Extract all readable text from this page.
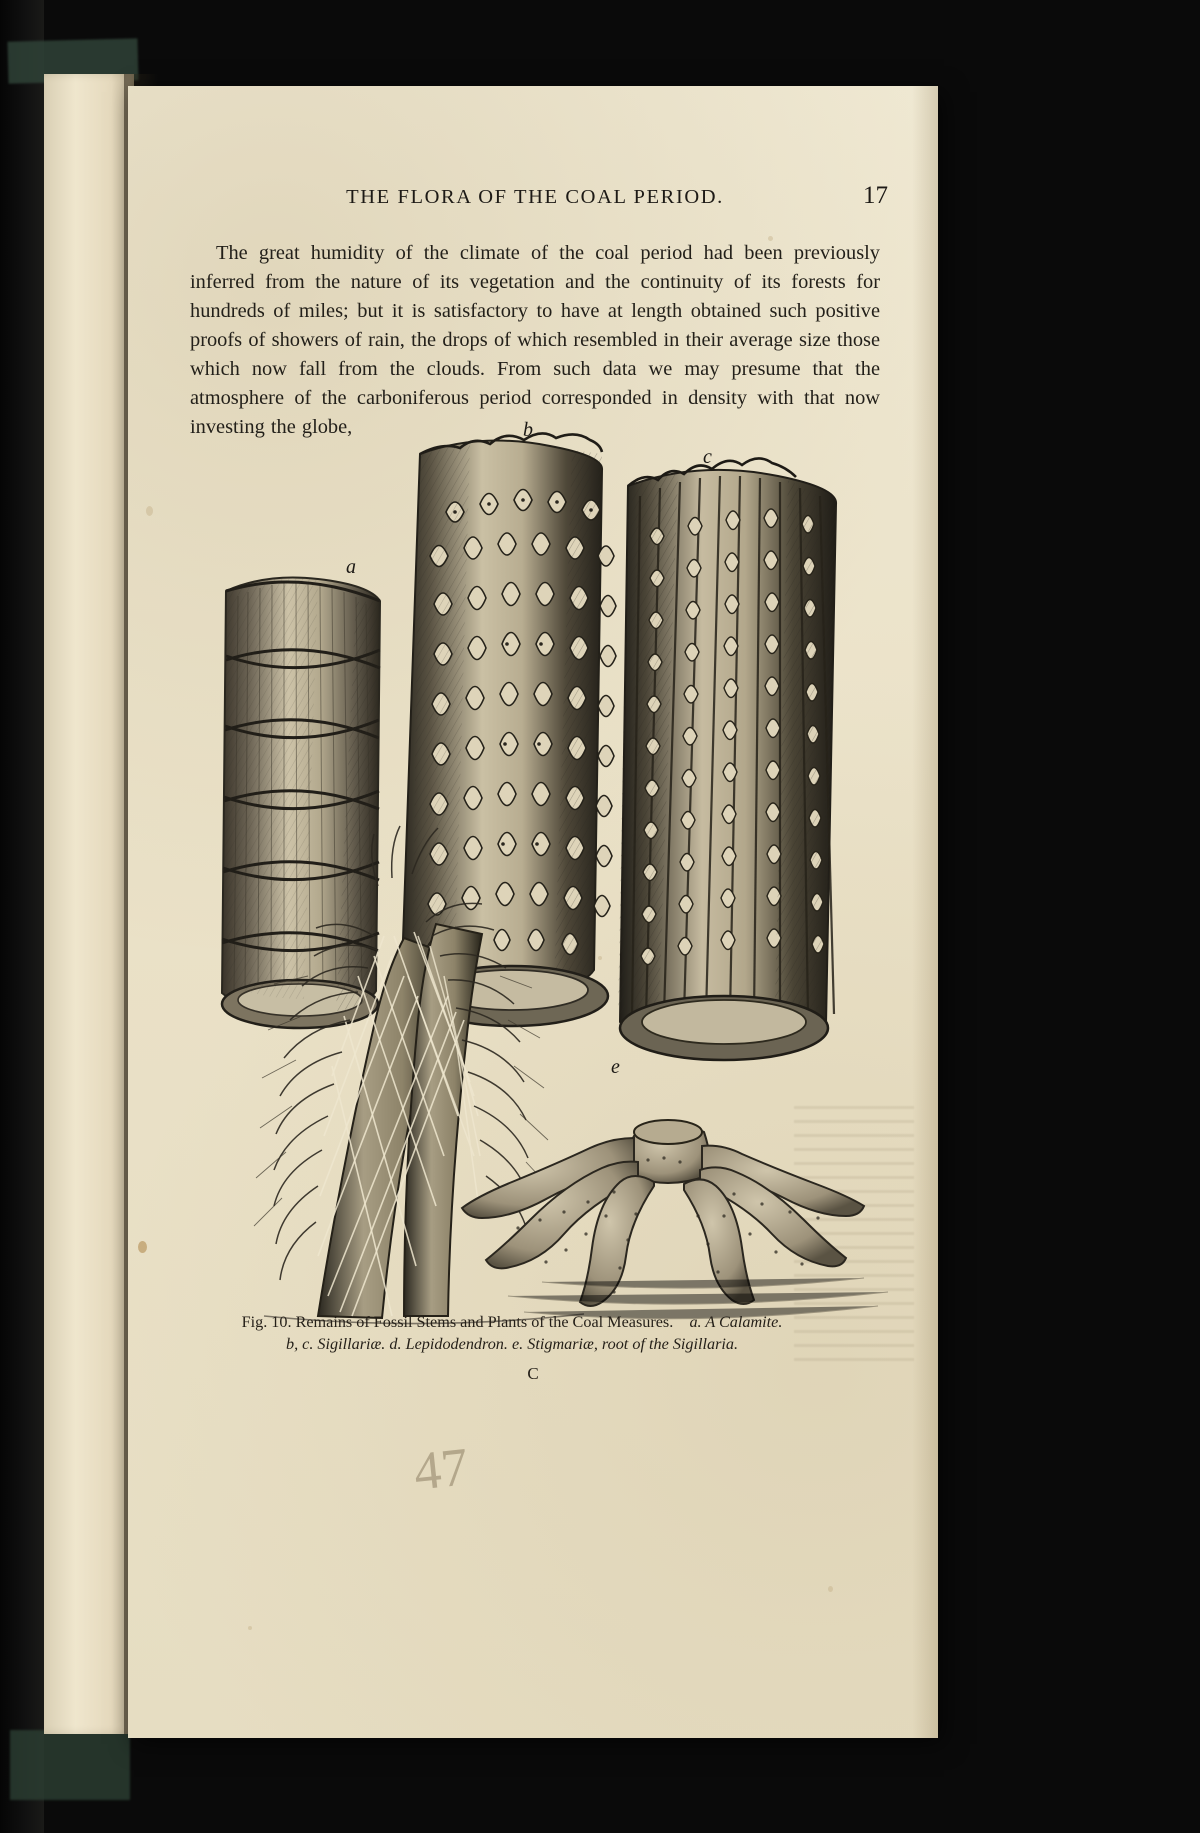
THE FLORA OF THE COAL PERIOD.	17

The great humidity of the climate of the coal period had been previously inferred from the nature of its vegetation and the continuity of its forests for hundreds of miles; but it is satisfactory to have at length obtained such positive proofs of showers of rain, the drops of which resembled in their average size those which now fall from the clouds. From such data we may presume that the atmosphere of the carboniferous period corresponded in density with that now investing the globe,

a
b
c
e
Fig. 10. Remains of Fossil Stems and Plants of the Coal Measures. a. A Calamite.
b, c. Sigillariæ. d. Lepidodendron. e. Stigmariæ, root of the Sigillaria.
C
47
